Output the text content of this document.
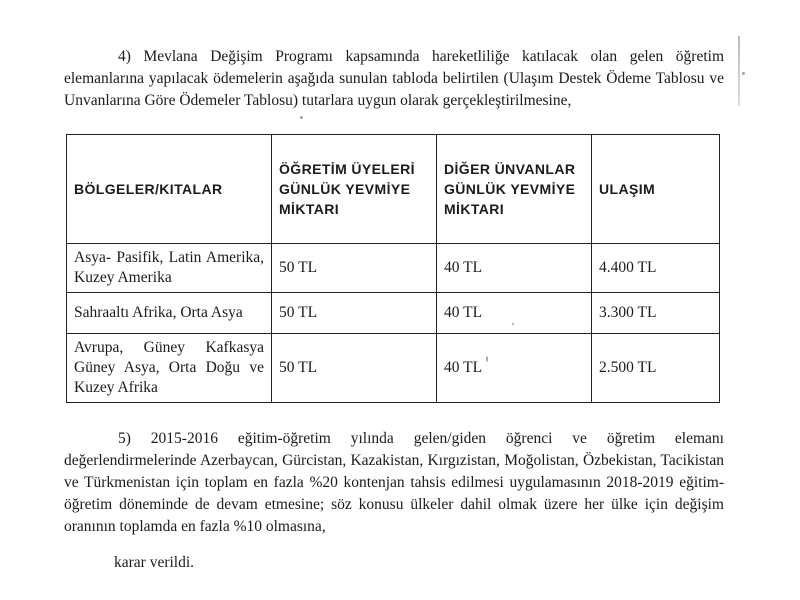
4) Mevlana Değişim Programı kapsamında hareketliliğe katılacak olan gelen öğretim elemanlarına yapılacak ödemelerin aşağıda sunulan tabloda belirtilen (Ulaşım Destek Ödeme Tablosu ve Unvanlarına Göre Ödemeler Tablosu) tutarlara uygun olarak gerçekleştirilmesine,

BÖLGELER/KITALAR	ÖĞRETİM ÜYELERİ GÜNLÜK YEVMİYE MİKTARI	DİĞER ÜNVANLAR GÜNLÜK YEVMİYE MİKTARI	ULAŞIM
Asya- Pasifik, Latin Amerika, Kuzey Amerika	50 TL	40 TL	4.400 TL
Sahraaltı Afrika, Orta Asya	50 TL	40 TL	3.300 TL
Avrupa, Güney Kafkasya Güney Asya, Orta Doğu ve Kuzey Afrika	50 TL	40 TL	2.500 TL

5) 2015-2016 eğitim-öğretim yılında gelen/giden öğrenci ve öğretim elemanı değerlendirmelerinde Azerbaycan, Gürcistan, Kazakistan, Kırgızistan, Moğolistan, Özbekistan, Tacikistan ve Türkmenistan için toplam en fazla %20 kontenjan tahsis edilmesi uygulamasının 2018-2019 eğitim-öğretim döneminde de devam etmesine; söz konusu ülkeler dahil olmak üzere her ülke için değişim oranının toplamda en fazla %10 olmasına,

karar verildi.
